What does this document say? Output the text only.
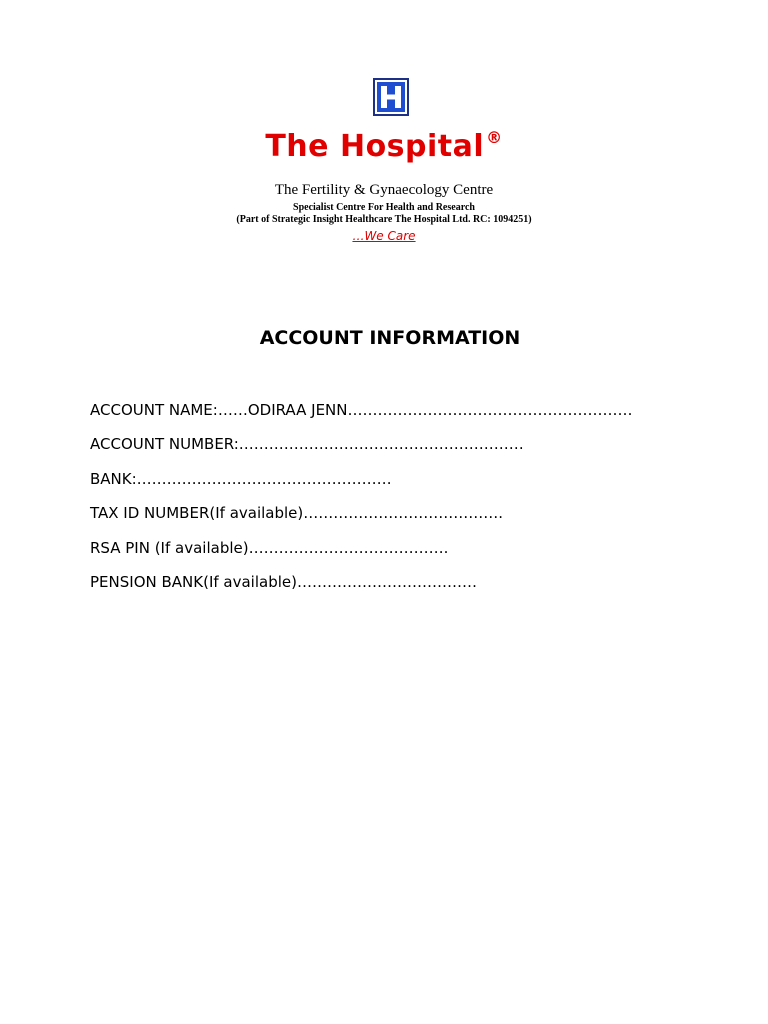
The Hospital ®
The Fertility & Gynaecology Centre
Specialist Centre For Health and Research
(Part of Strategic Insight Healthcare The Hospital Ltd. RC: 1094251)
…We Care
ACCOUNT INFORMATION
ACCOUNT NAME:……ODIRAA JENN…………………………………………………
ACCOUNT NUMBER:…………………………………………………
BANK:……………………………………………
TAX ID NUMBER(If available)………………………………….
RSA PIN (If available)………………………………….
PENSION BANK(If available)………………………………
